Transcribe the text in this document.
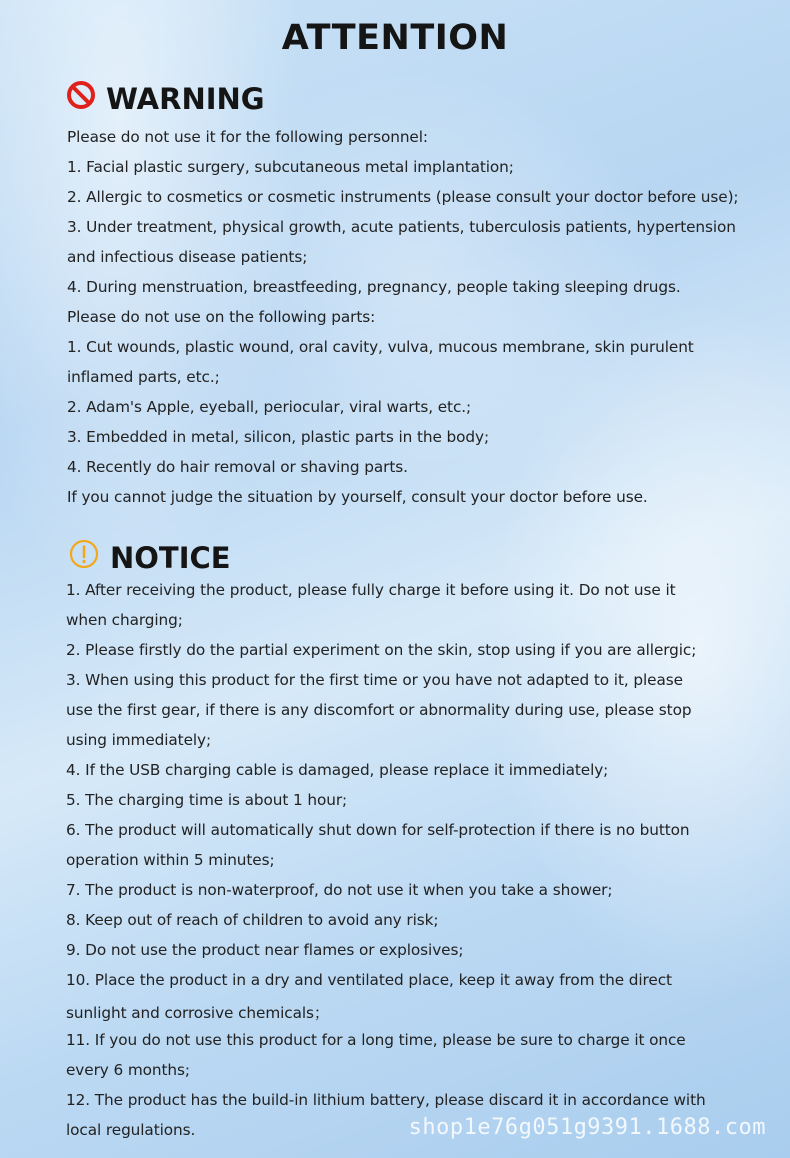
ATTENTION
WARNING
Please do not use it for the following personnel:
1. Facial plastic surgery, subcutaneous metal implantation;
2. Allergic to cosmetics or cosmetic instruments (please consult your doctor before use);
3. Under treatment, physical growth, acute patients, tuberculosis patients, hypertension
and infectious disease patients;
4. During menstruation, breastfeeding, pregnancy, people taking sleeping drugs.
Please do not use on the following parts:
1. Cut wounds, plastic wound, oral cavity, vulva, mucous membrane, skin purulent
inflamed parts, etc.;
2. Adam's Apple, eyeball, periocular, viral warts, etc.;
3. Embedded in metal, silicon, plastic parts in the body;
4. Recently do hair removal or shaving parts.
If you cannot judge the situation by yourself, consult your doctor before use.
NOTICE
1. After receiving the product, please fully charge it before using it. Do not use it
when charging;
2. Please firstly do the partial experiment on the skin, stop using if you are allergic;
3. When using this product for the first time or you have not adapted to it, please
use the first gear, if there is any discomfort or abnormality during use, please stop
using immediately;
4. If the USB charging cable is damaged, please replace it immediately;
5. The charging time is about 1 hour;
6. The product will automatically shut down for self-protection if there is no button
operation within 5 minutes;
7. The product is non-waterproof, do not use it when you take a shower;
8. Keep out of reach of children to avoid any risk;
9. Do not use the product near flames or explosives;
10. Place the product in a dry and ventilated place, keep it away from the direct
sunlight and corrosive chemicals；
11. If you do not use this product for a long time, please be sure to charge it once
every 6 months;
12. The product has the build-in lithium battery, please discard it in accordance with
local regulations.	shop1e76g051g9391.1688.com
